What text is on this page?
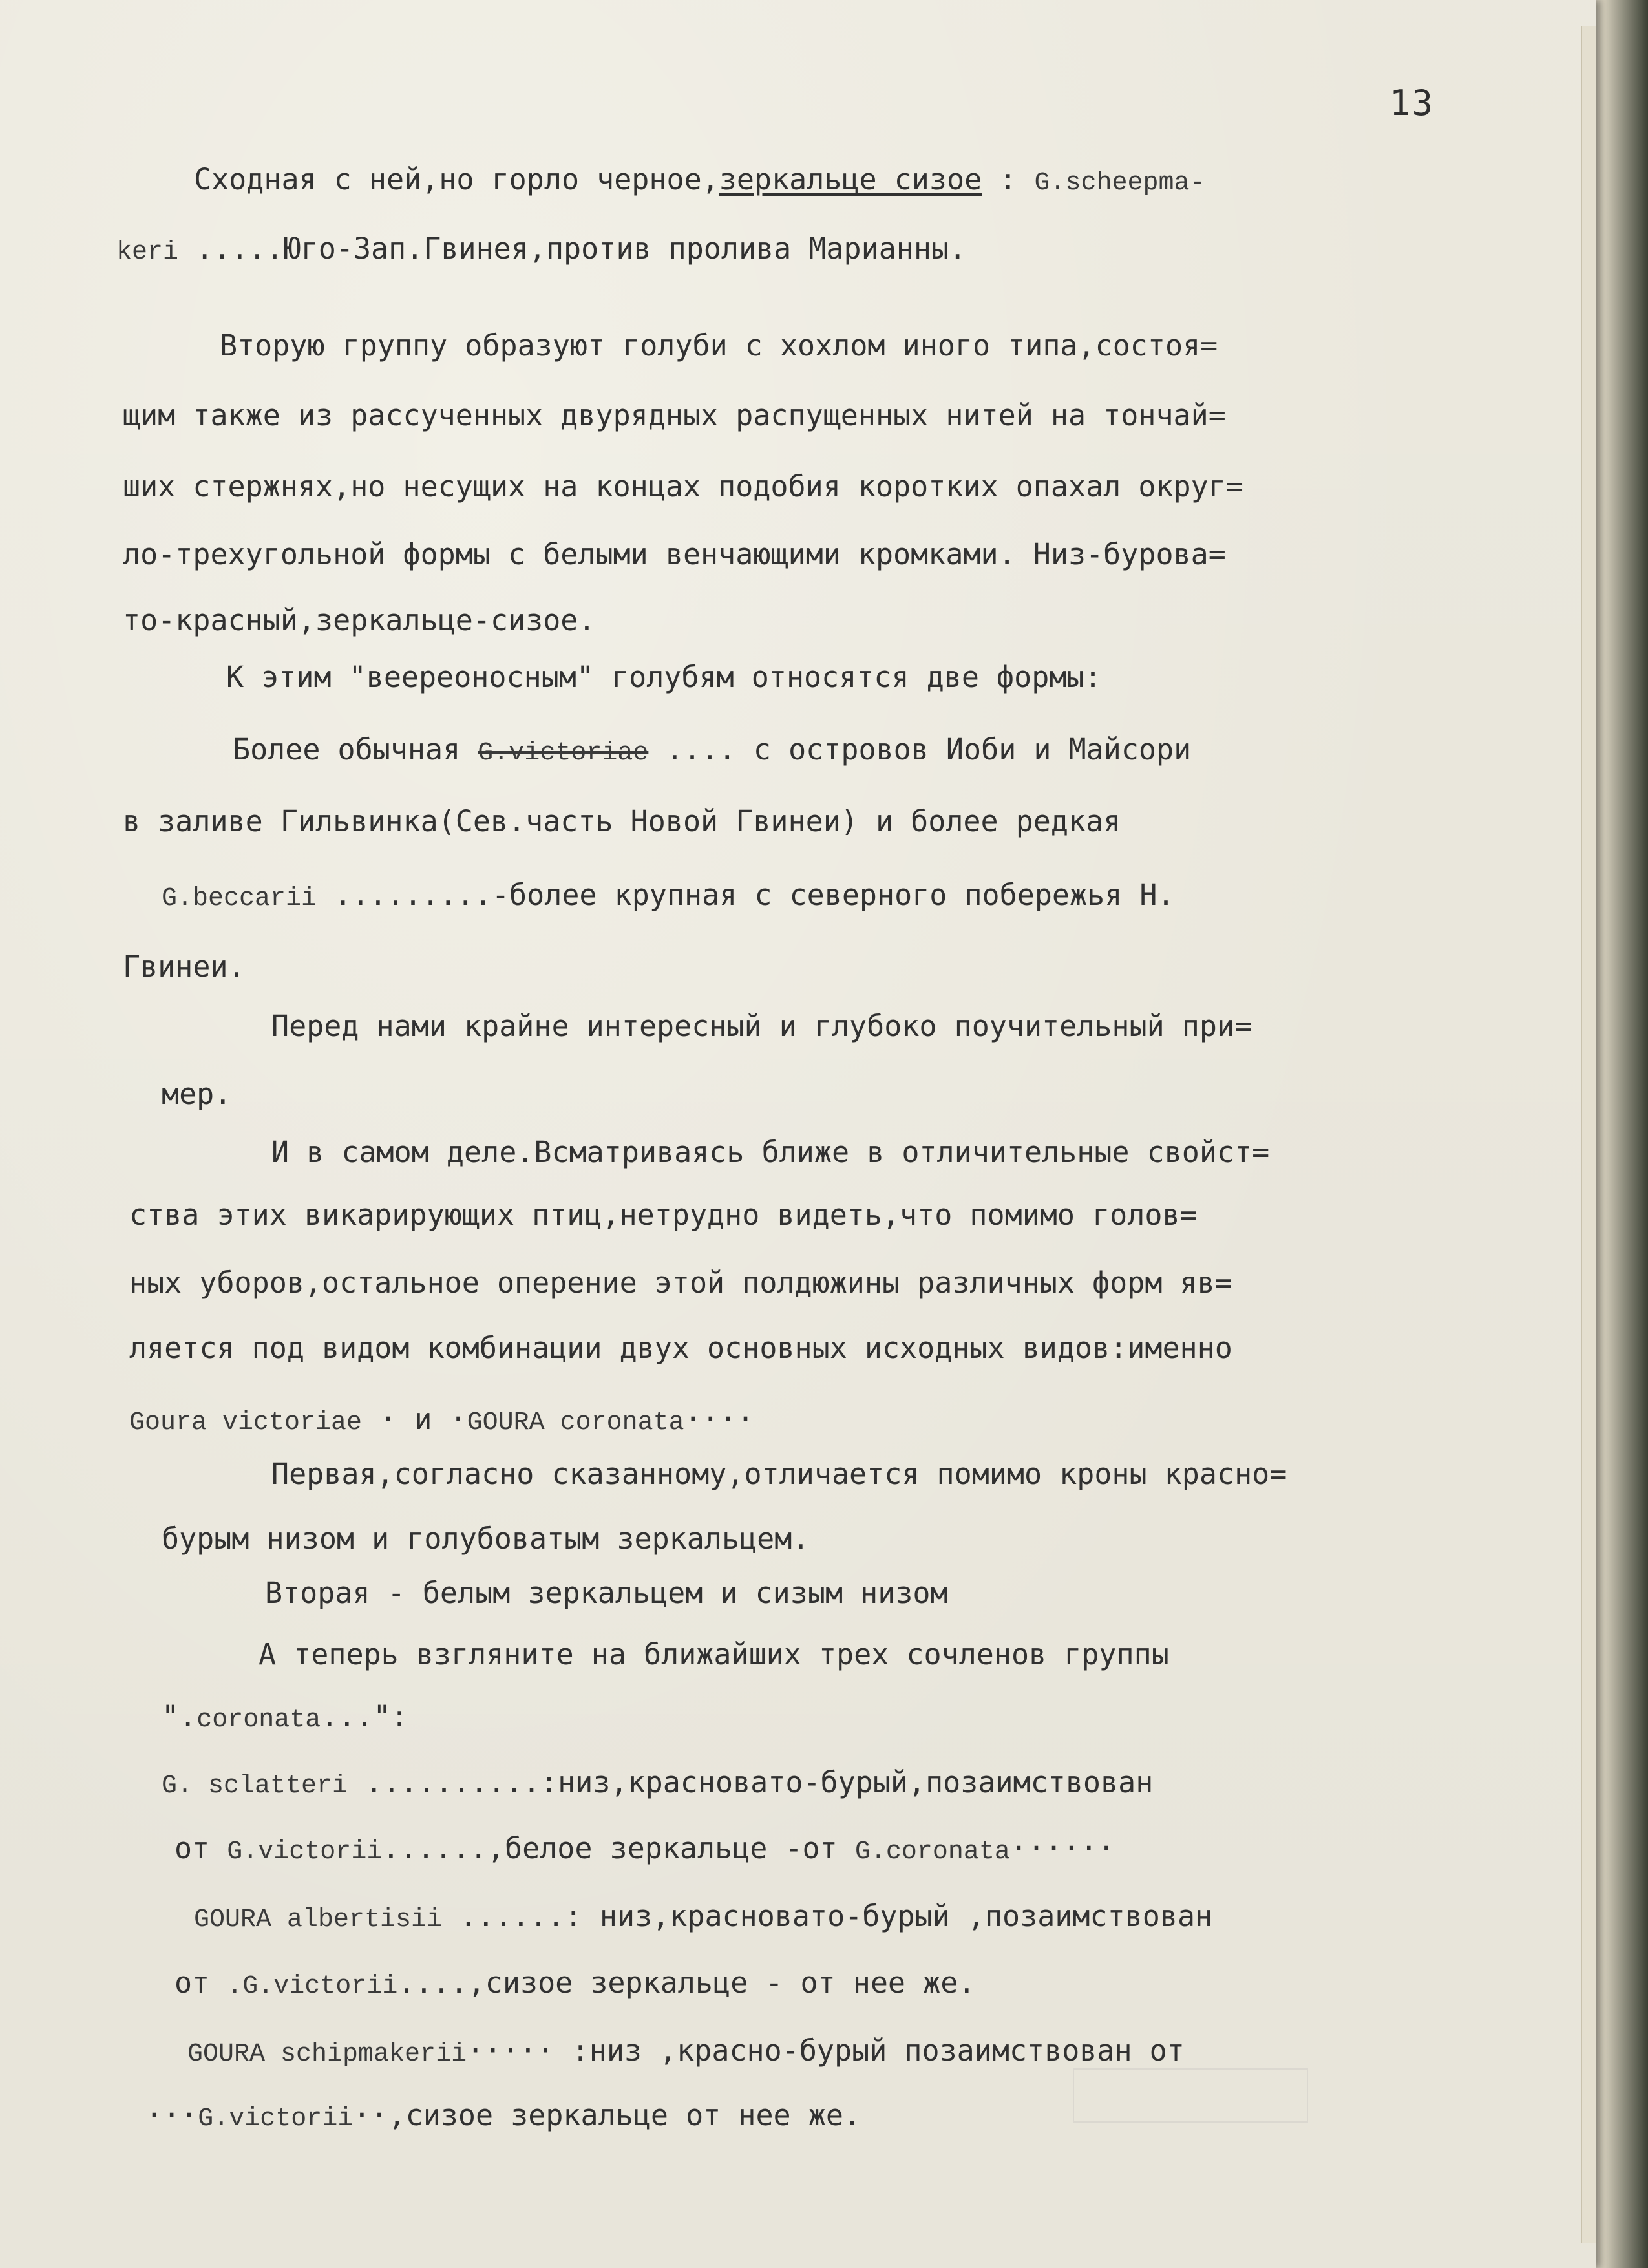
13
Сходная с ней,но горло черное,зеркальце сизое : G.scheepma-
keri .....Юго-Зап.Гвинея,против пролива Марианны.
Вторую группу образуют голуби с хохлом иного типа,состоя=
щим также из рассученных двурядных распущенных нитей на тончай=
ших стержнях,но несущих на концах подобия коротких опахал округ=
ло-трехугольной формы с белыми венчающими кромками. Низ-бурова=
то-красный,зеркальце-сизое.
К этим "веереоносным" голубям относятся две формы:
Более обычная G.victoriae .... с островов Иоби и Майсори
в заливе Гильвинка(Сев.часть Новой Гвинеи) и более редкая
G.beccarii .........-более крупная с северного побережья Н.
Гвинеи.
Перед нами крайне интересный и глубоко поучительный при=
мер.
И в самом деле.Всматриваясь ближе в отличительные свойст=
ства этих викарирующих птиц,нетрудно видеть,что помимо голов=
ных уборов,остальное оперение этой полдюжины различных форм яв=
ляется под видом комбинации двух основных исходных видов:именно
Goura victoriae · и ·GOURA coronata····
Первая,согласно сказанному,отличается помимо кроны красно=
бурым низом и голубоватым зеркальцем.
Вторая - белым зеркальцем и сизым низом
А теперь взгляните на ближайших трех сочленов группы
".coronata...":
G. sclatteri ..........:низ,красновато-бурый,позаимствован
от G.victorii......,белое зеркальце -от G.coronata······
GOURA albertisii ......: низ,красновато-бурый ,позаимствован
от .G.victorii....,сизое зеркальце - от нее же.
GOURA schipmakerii····· :низ ,красно-бурый позаимствован от
···G.victorii··,сизое зеркальце от нее же.
